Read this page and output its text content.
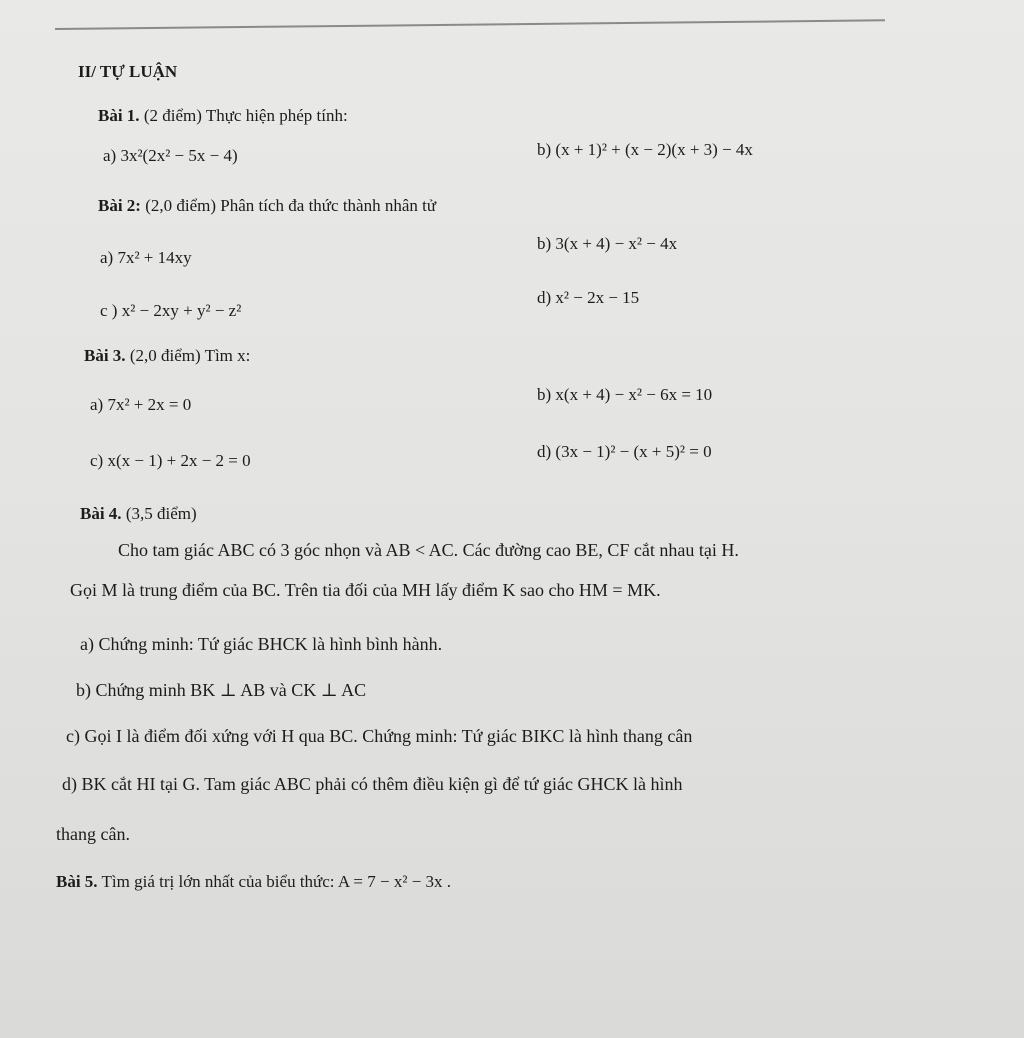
II/ TỰ LUẬN
Bài 1. (2 điểm) Thực hiện phép tính:
a) 3x²(2x² − 5x − 4)	b) (x + 1)² + (x − 2)(x + 3) − 4x
Bài 2: (2,0 điểm) Phân tích đa thức thành nhân tử
a) 7x² + 14xy
b) 3(x + 4) − x² − 4x
c ) x² − 2xy + y² − z²
d) x² − 2x − 15
Bài 3. (2,0 điểm) Tìm x:
a) 7x² + 2x = 0
b) x(x + 4) − x² − 6x = 10
c) x(x − 1) + 2x − 2 = 0	d) (3x − 1)² − (x + 5)² = 0
Bài 4. (3,5 điểm)
Cho tam giác ABC có 3 góc nhọn và AB < AC. Các đường cao BE, CF cắt nhau tại H.
Gọi M là trung điểm của BC. Trên tia đối của MH lấy điểm K sao cho HM = MK.
a) Chứng minh: Tứ giác BHCK là hình bình hành.
b) Chứng minh BK ⊥ AB và CK ⊥ AC
c) Gọi I là điểm đối xứng với H qua BC. Chứng minh: Tứ giác BIKC là hình thang cân
d) BK cắt HI tại G. Tam giác ABC phải có thêm điều kiện gì để tứ giác GHCK là hình
thang cân.
Bài 5. Tìm giá trị lớn nhất của biểu thức: A = 7 − x² − 3x .
